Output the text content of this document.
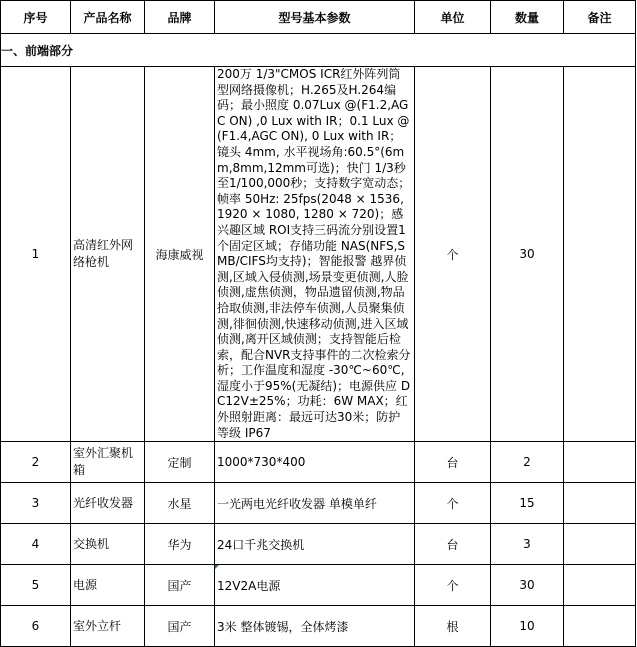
序号	产品名称	品牌	型号基本参数	单位	数量	备注
一、前端部分						
1	高清红外网络枪机	海康威视	200万 1/3"CMOS ICR红外阵列筒型网络摄像机；H.265及H.264编码；最小照度 0.07Lux @(F1.2,AGC ON) ,0 Lux with IR；0.1 Lux @(F1.4,AGC ON), 0 Lux with IR；镜头 4mm, 水平视场角:60.5°(6mm,8mm,12mm可选)；快门 1/3秒至1/100,000秒；支持数字宽动态；帧率 50Hz: 25fps(2048 × 1536, 1920 × 1080, 1280 × 720)；感兴趣区域 ROI支持三码流分别设置1个固定区域；存储功能 NAS(NFS,SMB/CIFS均支持)；智能报警 越界侦测,区域入侵侦测,场景变更侦测,人脸侦测,虚焦侦测，物品遗留侦测,物品拾取侦测,非法停车侦测,人员聚集侦测,徘徊侦测,快速移动侦测,进入区域侦测,离开区域侦测；支持智能后检索，配合NVR支持事件的二次检索分析；工作温度和湿度 -30℃~60℃,湿度小于95%(无凝结)；电源供应 DC12V±25%；功耗：6W MAX；红外照射距离：最远可达30米；防护等级 IP67	个	30	
2	室外汇聚机箱	定制	1000*730*400	台	2	
3	光纤收发器	水星	一光两电光纤收发器 单模单纤	个	15	
4	交换机	华为	24口千兆交换机	台	3	
5	电源	国产	12V2A电源	个	30	
6	室外立杆	国产	3米 整体镀锡，全体烤漆	根	10	
